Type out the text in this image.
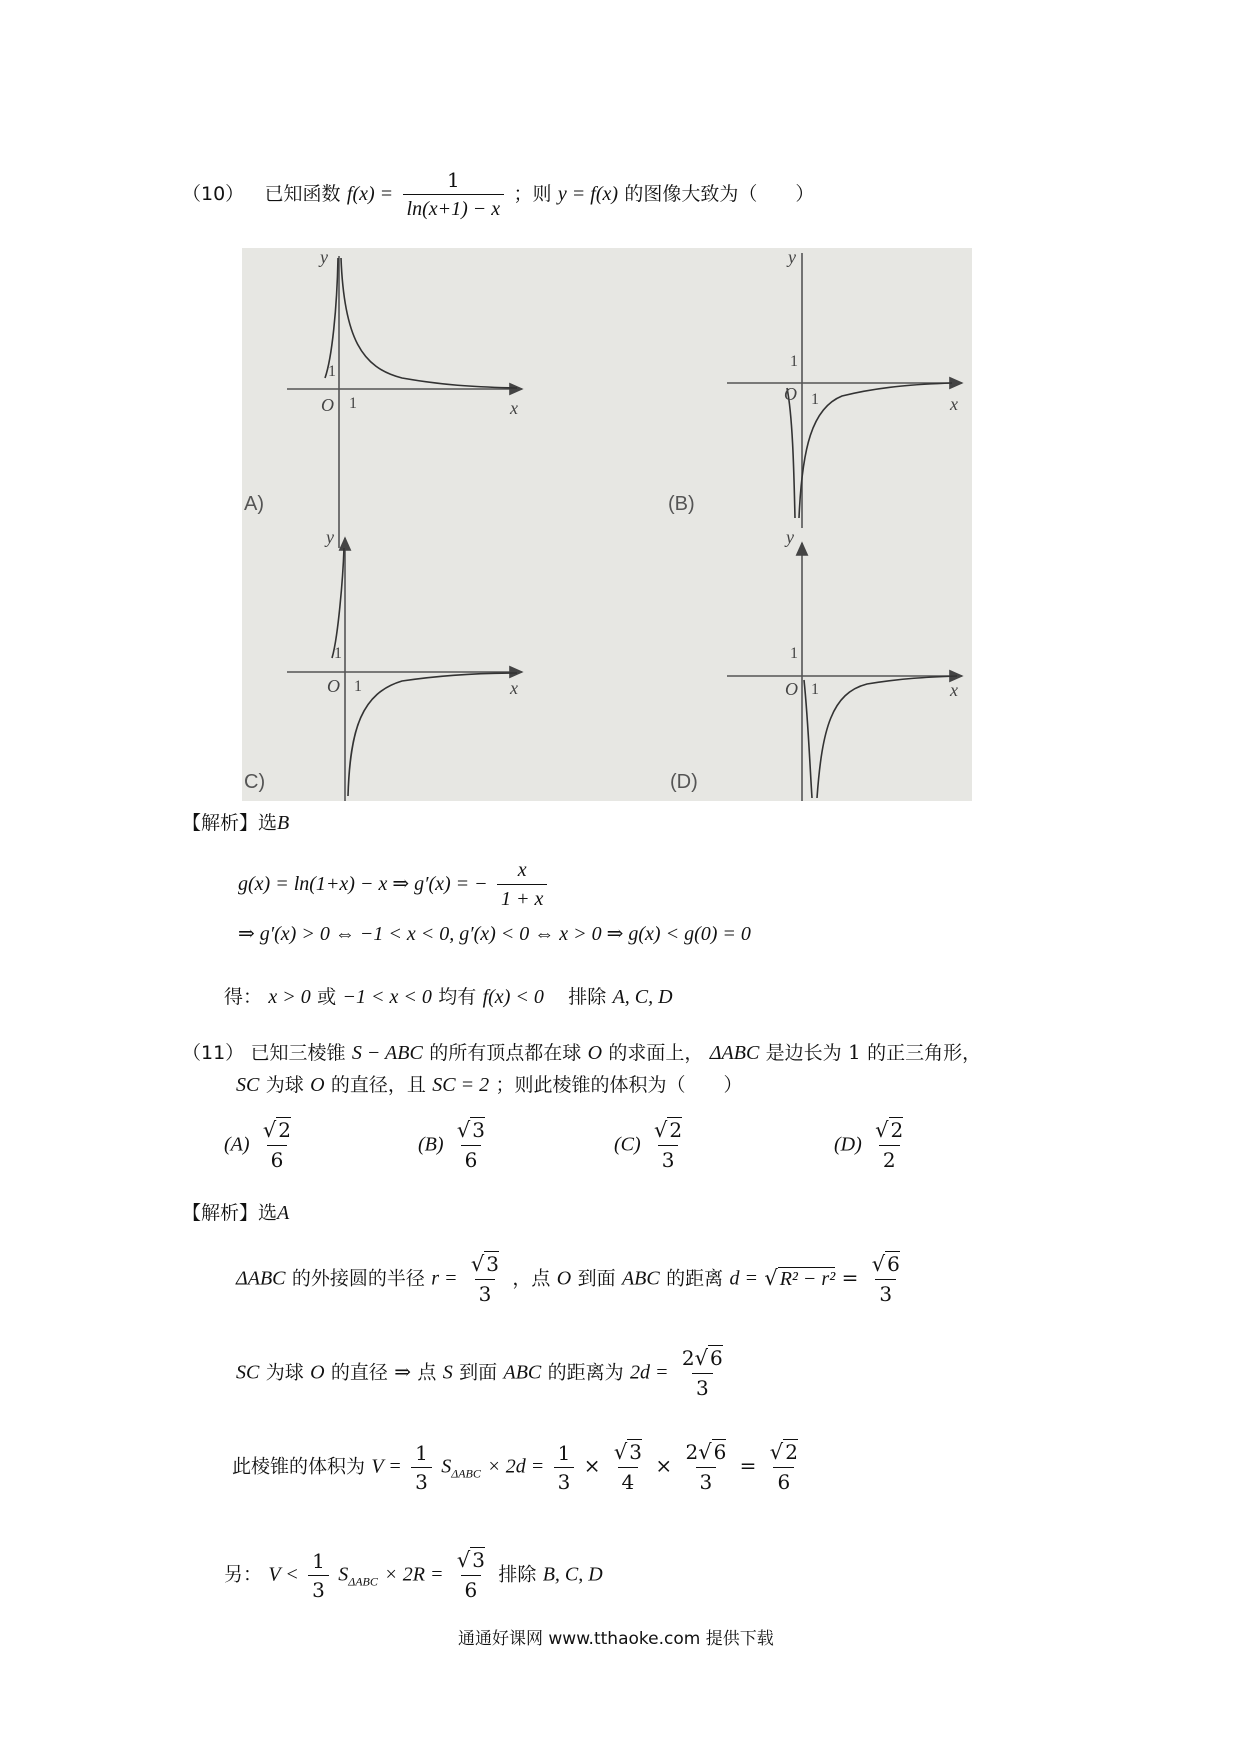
（10） 已知函数 $f(x) = \frac{1}{\ln(x+1) - x}$ ；则 y = f(x) 的图像大致为（　　）
x
y
O	x
y
O
x
y
O	x
y
O
1
1
1
1
1
1
1
1
A)	(B)
C)	(D)
【解析】选B
g(x) = ln(1+x) − x ⇒ g′(x) = − $\frac{x}{1 + x}$
⇒ g′(x) > 0 ⇔ −1 < x < 0, g′(x) < 0 ⇔ x > 0 ⇒ g(x) < g(0) = 0
得： x > 0 或 −1 < x < 0 均有 f(x) < 0 排除 A, C, D
（11） 已知三棱锥 S − ABC 的所有顶点都在球 O 的求面上， ΔABC 是边长为 1 的正三角形，
SC 为球 O 的直径，且 SC = 2 ；则此棱锥的体积为（　　）
$(A) \frac{√ 2}{6}$	$(B) \frac{√ 3}{6}$	$(C) \frac{√ 2}{3}$	$(D) \frac{√ 2}{2}$
【解析】选A
ΔABC 的外接圆的半径 $r = \frac{√ 3}{3}$ ，点 O 到面 ABC 的距离 d = √ $R^2 - r^2 = \frac{√ 6}{3}$
SC 为球 O 的直径 ⇒ 点 S 到面 ABC 的距离为 $2d = \frac{2√ 6}{3}$
此棱锥的体积为 $V = \frac{1}{3} S_{\Delta ABC} \times 2d = \frac{1}{3} \times \frac{√ 3}{4} \times \frac{2√ 6}{3} = \frac{√ 2}{6}$
另： $V < \frac{1}{3} S_{\Delta ABC} \times 2R = \frac{√ 3}{6}$ 排除 B, C, D
通通好课网 www.tthaoke.com 提供下载
